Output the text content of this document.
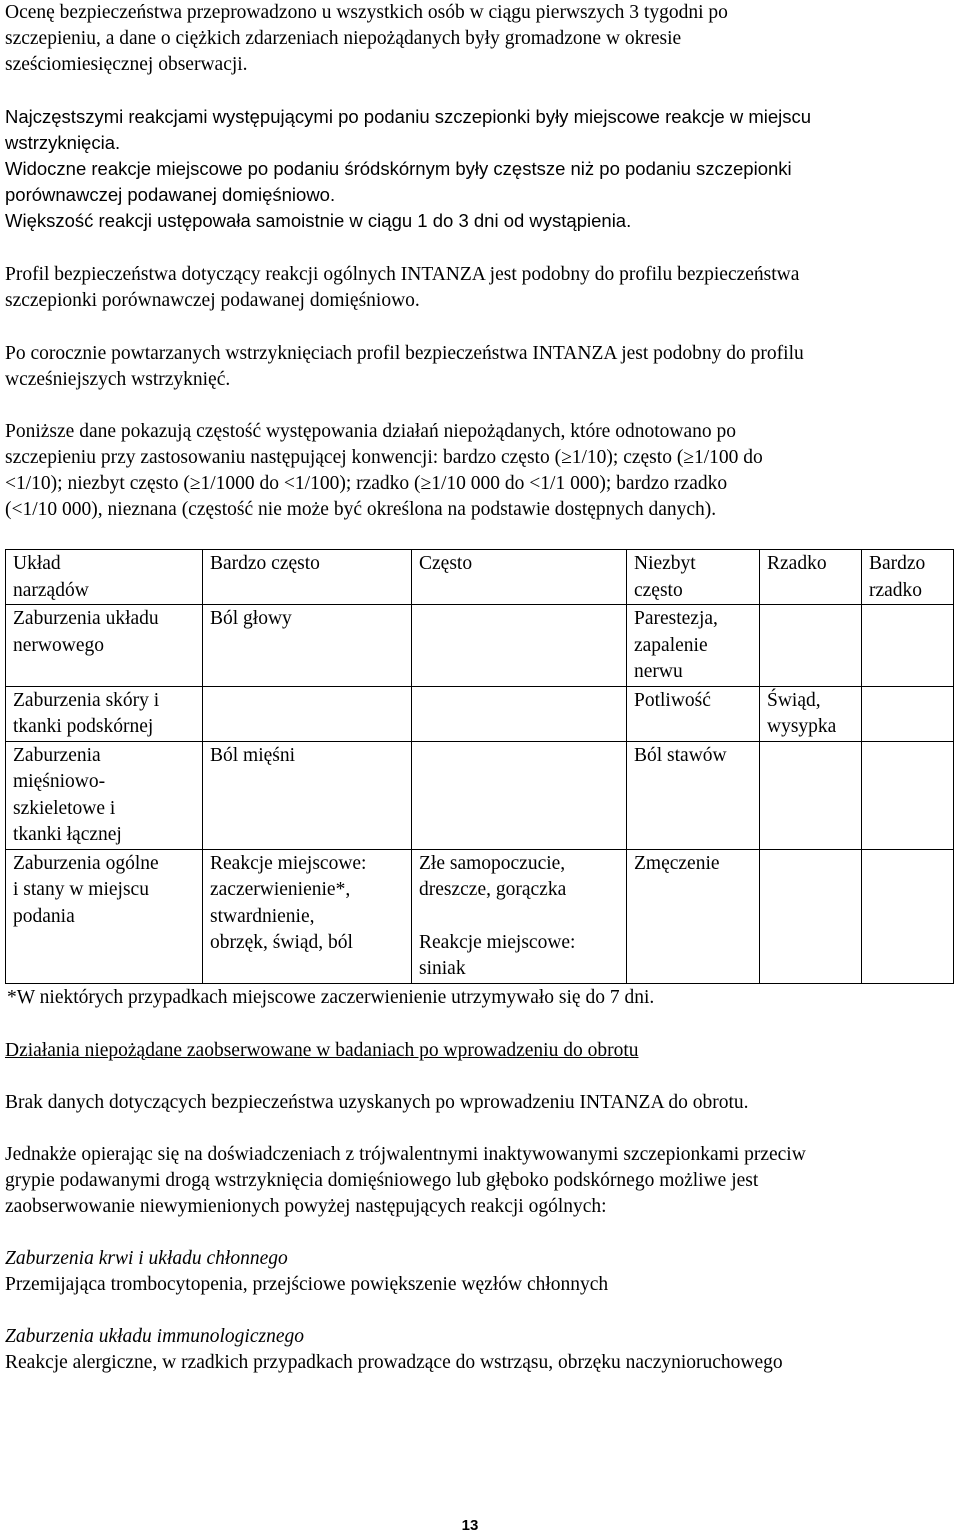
Ocenę bezpieczeństwa przeprowadzono u wszystkich osób w ciągu pierwszych 3 tygodni po
szczepieniu, a dane o ciężkich zdarzeniach niepożądanych były gromadzone w okresie
sześciomiesięcznej obserwacji.

Najczęstszymi reakcjami występującymi po podaniu szczepionki były miejscowe reakcje w miejscu
wstrzyknięcia.
Widoczne reakcje miejscowe po podaniu śródskórnym były częstsze niż po podaniu szczepionki
porównawczej podawanej domięśniowo.
Większość reakcji ustępowała samoistnie w ciągu 1 do 3 dni od wystąpienia.

Profil bezpieczeństwa dotyczący reakcji ogólnych INTANZA jest podobny do profilu bezpieczeństwa
szczepionki porównawczej podawanej domięśniowo.

Po corocznie powtarzanych wstrzyknięciach profil bezpieczeństwa INTANZA jest podobny do profilu
wcześniejszych wstrzyknięć.

Poniższe dane pokazują częstość występowania działań niepożądanych, które odnotowano po
szczepieniu przy zastosowaniu następującej konwencji: bardzo często (≥1/10); często (≥1/100 do
<1/10); niezbyt często (≥1/1000 do <1/100); rzadko (≥1/10 000 do <1/1 000); bardzo rzadko
(<1/10 000), nieznana (częstość nie może być określona na podstawie dostępnych danych).

Układ
narządów	Bardzo często	Często	Niezbyt
często	Rzadko	Bardzo
rzadko

Zaburzenia układu
nerwowego	Ból głowy		Parestezja,
zapalenie
nerwu		

Zaburzenia skóry i
tkanki podskórnej			Potliwość	Świąd,
wysypka	

Zaburzenia
mięśniowo-
szkieletowe i
tkanki łącznej	Ból mięśni		Ból stawów		

Zaburzenia ogólne
i stany w miejscu
podania	Reakcje miejscowe:
zaczerwienienie*,
stwardnienie,
obrzęk, świąd, ból	Złe samopoczucie,
dreszcze, gorączka
Reakcje miejscowe:
siniak	Zmęczenie		

*W niektórych przypadkach miejscowe zaczerwienienie utrzymywało się do 7 dni.

Działania niepożądane zaobserwowane w badaniach po wprowadzeniu do obrotu

Brak danych dotyczących bezpieczeństwa uzyskanych po wprowadzeniu INTANZA do obrotu.

Jednakże opierając się na doświadczeniach z trójwalentnymi inaktywowanymi szczepionkami przeciw
grypie podawanymi drogą wstrzyknięcia domięśniowego lub głęboko podskórnego możliwe jest
zaobserwowanie niewymienionych powyżej następujących reakcji ogólnych:

Zaburzenia krwi i układu chłonnego
Przemijająca trombocytopenia, przejściowe powiększenie węzłów chłonnych

Zaburzenia układu immunologicznego
Reakcje alergiczne, w rzadkich przypadkach prowadzące do wstrząsu, obrzęku naczynioruchowego

13
